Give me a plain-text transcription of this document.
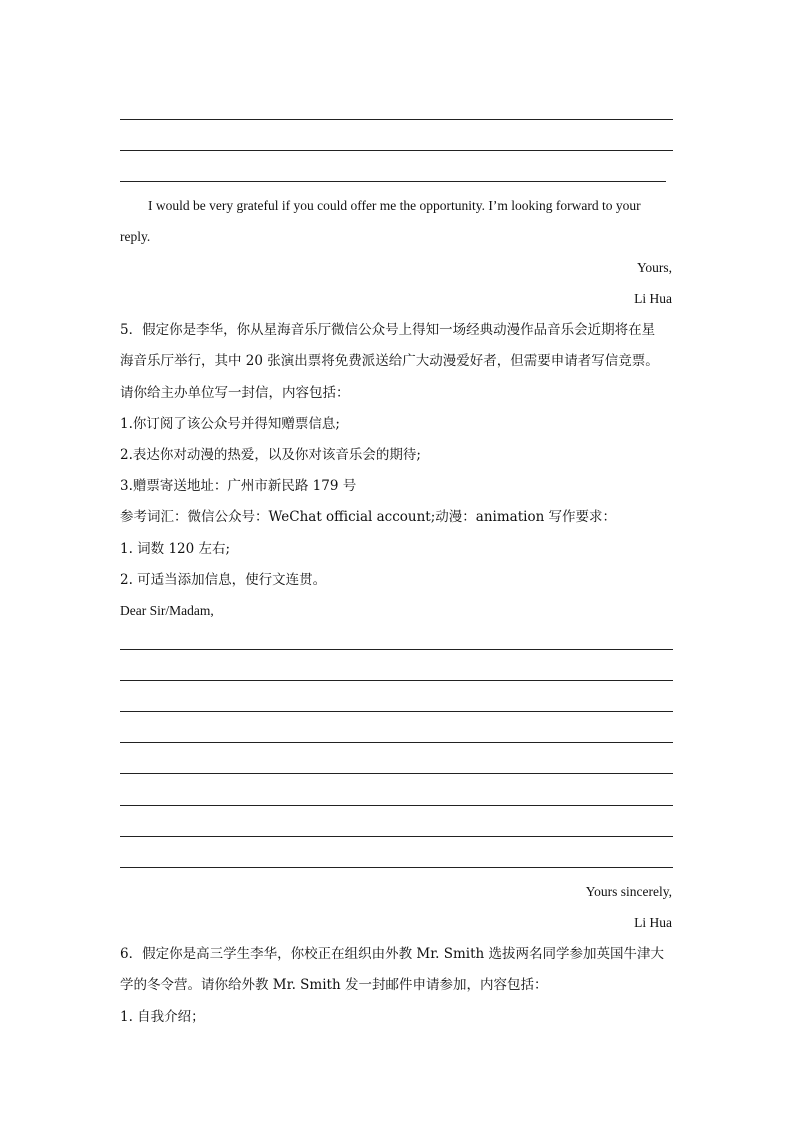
I would be very grateful if you could offer me the opportunity. I’m looking forward to your
reply.
Yours,
Li Hua
5．假定你是李华，你从星海音乐厅微信公众号上得知一场经典动漫作品音乐会近期将在星
海音乐厅举行，其中 20 张演出票将免费派送给广大动漫爱好者，但需要申请者写信竞票。
请你给主办单位写一封信，内容包括：
1.你订阅了该公众号并得知赠票信息;
2.表达你对动漫的热爱，以及你对该音乐会的期待;
3.赠票寄送地址：广州市新民路 179 号
参考词汇：微信公众号：WeChat official account;动漫：animation 写作要求：
1. 词数 120 左右;
2. 可适当添加信息，使行文连贯。
Dear Sir/Madam,
Yours sincerely,
Li Hua
6．假定你是高三学生李华，你校正在组织由外教 Mr. Smith 选拔两名同学参加英国牛津大
学的冬令营。请你给外教 Mr. Smith 发一封邮件申请参加，内容包括：
1. 自我介绍；
